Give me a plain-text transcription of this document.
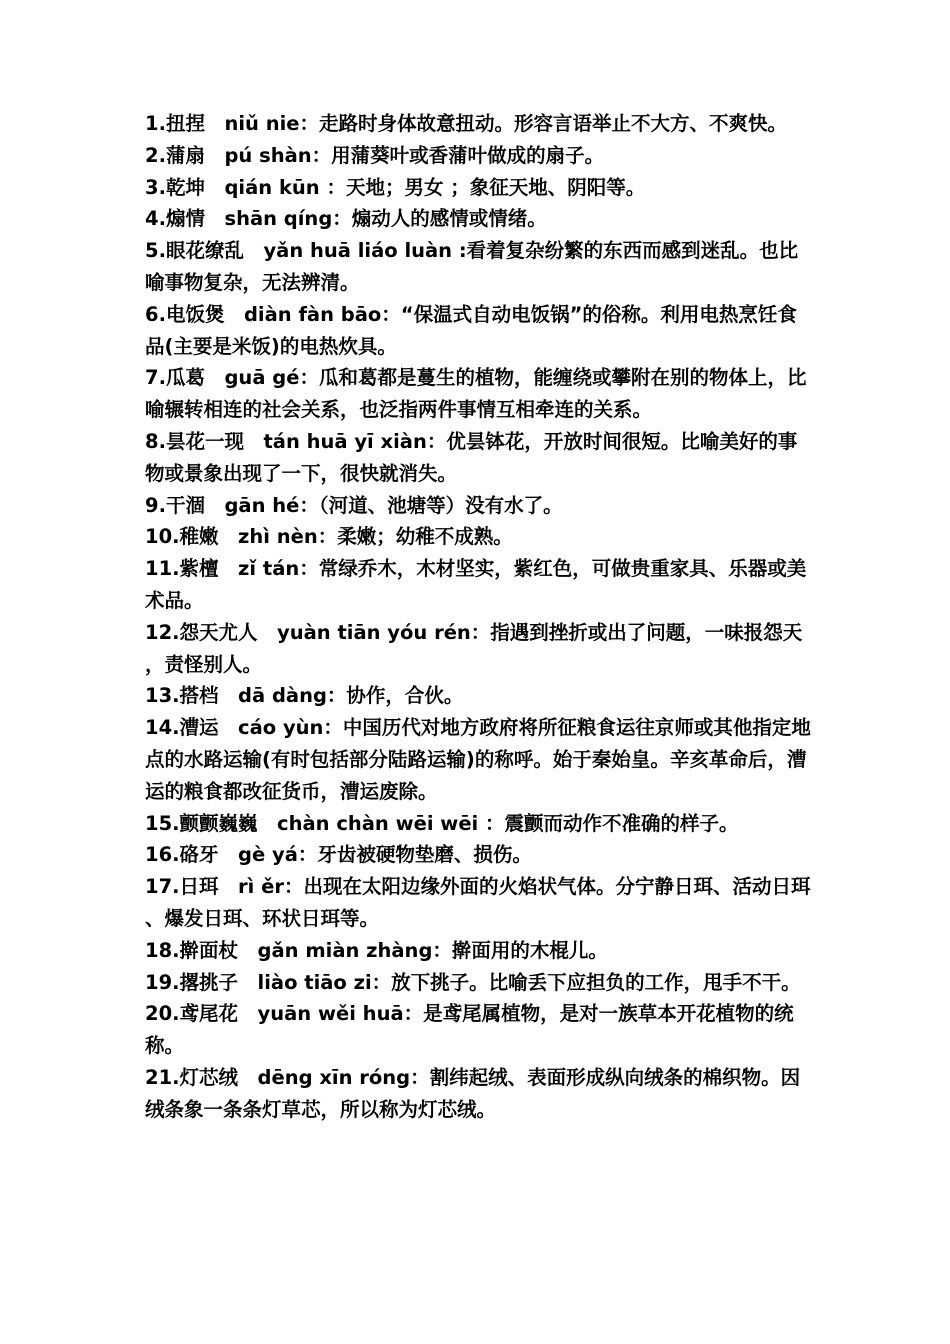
1.扭捏　niǔ nie：走路时身体故意扭动。形容言语举止不大方、不爽快。

2.蒲扇　pú shàn：用蒲葵叶或香蒲叶做成的扇子。

3.乾坤　qián kūn ：天地；男女 ；象征天地、阴阳等。

4.煽情　shān qíng：煽动人的感情或情绪。

5.眼花缭乱　yǎn huā liáo luàn :看着复杂纷繁的东西而感到迷乱。也比喻事物复杂，无法辨清。

6.电饭煲　diàn fàn bāo：“保温式自动电饭锅”的俗称。利用电热烹饪食品(主要是米饭)的电热炊具。

7.瓜葛　guā gé：瓜和葛都是蔓生的植物，能缠绕或攀附在别的物体上，比喻辗转相连的社会关系，也泛指两件事情互相牵连的关系。

8.昙花一现　tán huā yī xiàn：优昙钵花，开放时间很短。比喻美好的事物或景象出现了一下，很快就消失。

9.干涸　gān hé：（河道、池塘等）没有水了。

10.稚嫩　zhì nèn：柔嫩；幼稚不成熟。

11.紫檀　zǐ tán：常绿乔木，木材坚实，紫红色，可做贵重家具、乐器或美术品。

12.怨天尤人　yuàn tiān yóu rén：指遇到挫折或出了问题，一味报怨天，责怪别人。

13.搭档　dā dàng：协作，合伙。

14.漕运　cáo yùn：中国历代对地方政府将所征粮食运往京师或其他指定地点的水路运输(有时包括部分陆路运输)的称呼。始于秦始皇。辛亥革命后，漕运的粮食都改征货币，漕运废除。

15.颤颤巍巍　chàn chàn wēi wēi ：震颤而动作不准确的样子。

16.硌牙　gè yá：牙齿被硬物垫磨、损伤。

17.日珥　rì ěr：出现在太阳边缘外面的火焰状气体。分宁静日珥、活动日珥、爆发日珥、环状日珥等。

18.擀面杖　gǎn miàn zhàng：擀面用的木棍儿。

19.撂挑子　liào tiāo zi：放下挑子。比喻丢下应担负的工作，甩手不干。

20.鸢尾花　yuān wěi huā：是鸢尾属植物，是对一族草本开花植物的统称。

21.灯芯绒　dēng xīn róng：割纬起绒、表面形成纵向绒条的棉织物。因绒条象一条条灯草芯，所以称为灯芯绒。
